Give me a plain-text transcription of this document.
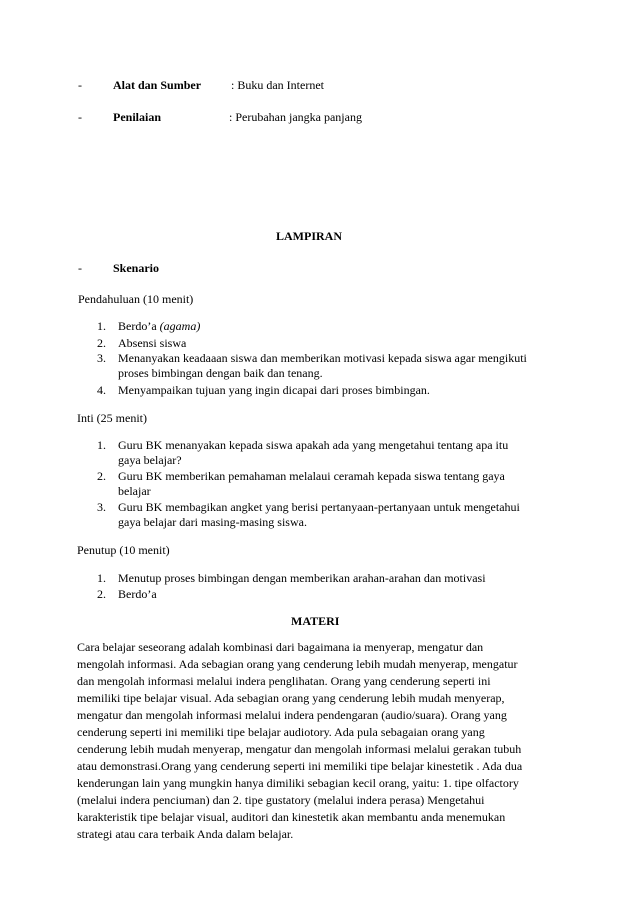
-	Alat dan Sumber : Buku dan Internet
-	Penilaian	: Perubahan jangka panjang
LAMPIRAN
-	Skenario
Pendahuluan (10 menit)
1. Berdo’a (agama)
2. Absensi siswa
3. Menanyakan keadaaan siswa dan memberikan motivasi kepada siswa agar mengikuti
proses bimbingan dengan baik dan tenang.
4. Menyampaikan tujuan yang ingin dicapai dari proses bimbingan.
Inti (25 menit)
1. Guru BK menanyakan kepada siswa apakah ada yang mengetahui tentang apa itu
gaya belajar?
2. Guru BK memberikan pemahaman melalaui ceramah kepada siswa tentang gaya
belajar
3. Guru BK membagikan angket yang berisi pertanyaan-pertanyaan untuk mengetahui
gaya belajar dari masing-masing siswa.
Penutup (10 menit)
1. Menutup proses bimbingan dengan memberikan arahan-arahan dan motivasi
2. Berdo’a
MATERI
Cara belajar seseorang adalah kombinasi dari bagaimana ia menyerap, mengatur dan
mengolah informasi. Ada sebagian orang yang cenderung lebih mudah menyerap, mengatur
dan mengolah informasi melalui indera penglihatan. Orang yang cenderung seperti ini
memiliki tipe belajar visual. Ada sebagian orang yang cenderung lebih mudah menyerap,
mengatur dan mengolah informasi melalui indera pendengaran (audio/suara). Orang yang
cenderung seperti ini memiliki tipe belajar audiotory. Ada pula sebagaian orang yang
cenderung lebih mudah menyerap, mengatur dan mengolah informasi melalui gerakan tubuh
atau demonstrasi.Orang yang cenderung seperti ini memiliki tipe belajar kinestetik . Ada dua
kenderungan lain yang mungkin hanya dimiliki sebagian kecil orang, yaitu: 1. tipe olfactory
(melalui indera penciuman) dan 2. tipe gustatory (melalui indera perasa) Mengetahui
karakteristik tipe belajar visual, auditori dan kinestetik akan membantu anda menemukan
strategi atau cara terbaik Anda dalam belajar.
